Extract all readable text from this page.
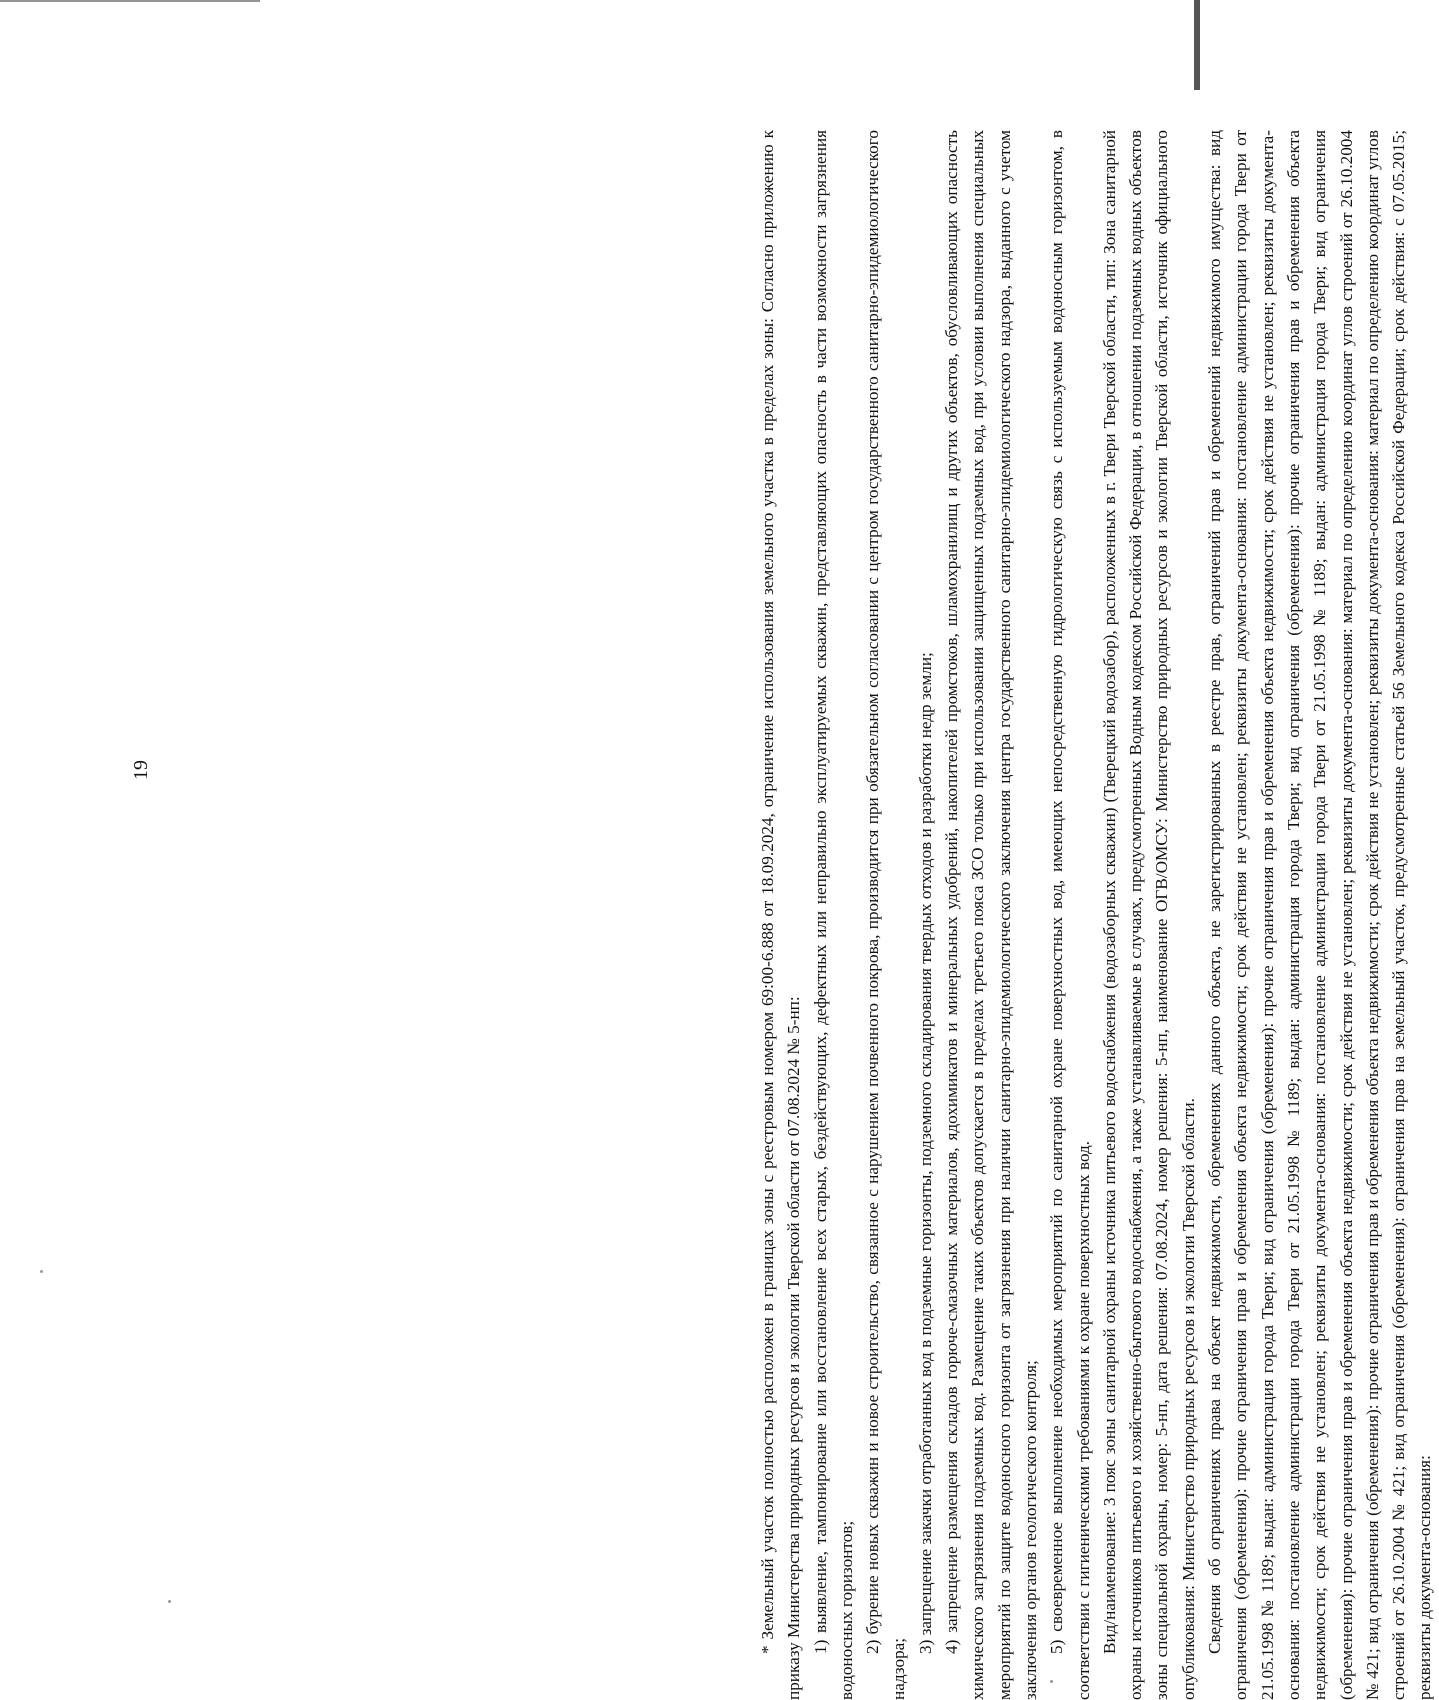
19	* Земельный участок полностью расположен в границах зоны с реестровым номером 69:00-6.888 от 18.09.2024, ограничение использования земельного участка в пределах зоны: Согласно приложению к приказу Министерства природных ресурсов и экологии Тверской области от 07.08.2024 № 5-нп: 1) выявление, тампонирование или восстановление всех старых, бездействующих, дефектных или неправильно эксплуатируемых скважин, представляющих опасность в части возможности загрязнения водоносных горизонтов; 2) бурение новых скважин и новое строительство, связанное с нарушением почвенного покрова, производится при обязательном согласовании с центром государственного санитарно-эпидемиологического надзора;

3) запрещение закачки отработанных вод в подземные горизонты, подземного складирования твердых отходов и разработки недр земли; 4) запрещение размещения складов горюче-смазочных материалов, ядохимикатов и минеральных удобрений, накопителей промстоков, шламохранилищ и других объектов, обусловливающих опасность химического загрязнения подземных вод. Размещение таких объектов допускается в пределах третьего пояса ЗСО только при использовании защищенных подземных вод, при условии выполнения специальных мероприятий по защите водоносного горизонта от загрязнения при наличии санитарно-эпидемиологического заключения центра государственного санитарно-эпидемиологического надзора, выданного с учетом заключения органов геологического контроля; 5) своевременное выполнение необходимых мероприятий по санитарной охране поверхностных вод, имеющих непосредственную гидрологическую связь с используемым водоносным горизонтом, в соответствии с гигиеническими требованиями к охране поверхностных вод. Вид/наименование: 3 пояс зоны санитарной охраны источника питьевого водоснабжения (водозаборных скважин) (Тверецкий водозабор), расположенных в г. Твери Тверской области, тип: Зона санитарной охраны источников питьевого и хозяйственно-бытового водоснабжения, а также устанавливаемые в случаях, предусмотренных Водным кодексом Российской Федерации, в отношении подземных водных объектов зоны специальной охраны, номер: 5-нп, дата решения: 07.08.2024, номер решения: 5-нп, наименование ОГВ/ОМСУ: Министерство природных ресурсов и экологии Тверской области, источник официального опубликования: Министерство природных ресурсов и экологии Тверской области. Сведения об ограничениях права на объект недвижимости, обременениях данного объекта, не зарегистрированных в реестре прав, ограничений прав и обременений недвижимого имущества: вид ограничения (обременения): прочие ограничения прав и обременения объекта недвижимости; срок действия не установлен; реквизиты документа-основания: постановление администрации города Твери от 21.05.1998 № 1189; выдан: администрация города Твери; вид ограничения (обременения): прочие ограничения прав и обременения объекта недвижимости; срок действия не установлен; реквизиты документа-основания: постановление администрации города Твери от 21.05.1998 № 1189; выдан: администрация города Твери; вид ограничения (обременения): прочие ограничения прав и обременения объекта недвижимости; срок действия не установлен; реквизиты документа-основания: постановление администрации города Твери от 21.05.1998 № 1189; выдан: администрация города Твери; вид ограничения (обременения): прочие ограничения прав и обременения объекта недвижимости; срок действия не установлен; реквизиты документа-основания: материал по определению координат углов строений от 26.10.2004 № 421; вид ограничения (обременения): прочие ограничения прав и обременения объекта недвижимости; срок действия не установлен; реквизиты документа-основания: материал по определению координат углов строений от 26.10.2004 № 421; вид ограничения (обременения): ограничения прав на земельный участок, предусмотренные статьей 56 Земельного кодекса Российской Федерации; срок действия: с 07.05.2015; реквизиты документа-основания:
